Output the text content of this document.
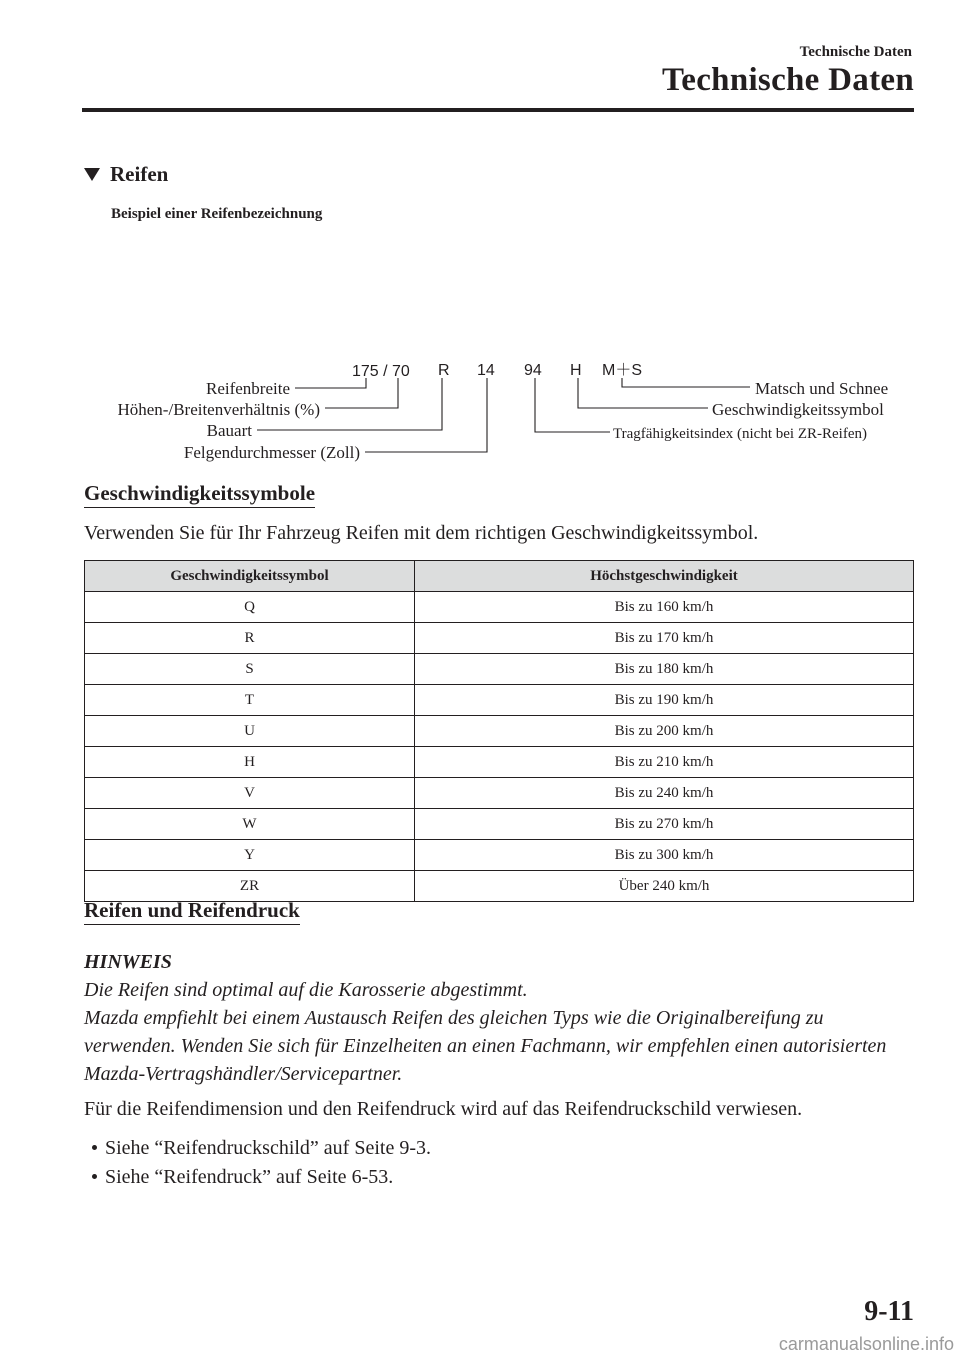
Technische Daten
Technische Daten
Reifen
Beispiel einer Reifenbezeichnung
175 / 70 R 14 94 H M＋S
Reifenbreite
Höhen-/Breitenverhältnis (%)
Bauart
Felgendurchmesser (Zoll)
Matsch und Schnee
Geschwindigkeitssymbol
Tragfähigkeitsindex (nicht bei ZR-Reifen)
Geschwindigkeitssymbole
Verwenden Sie für Ihr Fahrzeug Reifen mit dem richtigen Geschwindigkeitssymbol.
Geschwindigkeitssymbol	Höchstgeschwindigkeit
Q	Bis zu 160 km/h
R	Bis zu 170 km/h
S	Bis zu 180 km/h
T	Bis zu 190 km/h
U	Bis zu 200 km/h
H	Bis zu 210 km/h
V	Bis zu 240 km/h
W	Bis zu 270 km/h
Y	Bis zu 300 km/h
ZR	Über 240 km/h
Reifen und Reifendruck
HINWEIS
Die Reifen sind optimal auf die Karosserie abgestimmt.
Mazda empfiehlt bei einem Austausch Reifen des gleichen Typs wie die Originalbereifung zu verwenden. Wenden Sie sich für Einzelheiten an einen Fachmann, wir empfehlen einen autorisierten Mazda-Vertragshändler/Servicepartner.
Für die Reifendimension und den Reifendruck wird auf das Reifendruckschild verwiesen.
Siehe “Reifendruckschild” auf Seite 9-3.
Siehe “Reifendruck” auf Seite 6-53.
9-11
carmanualsonline.info
